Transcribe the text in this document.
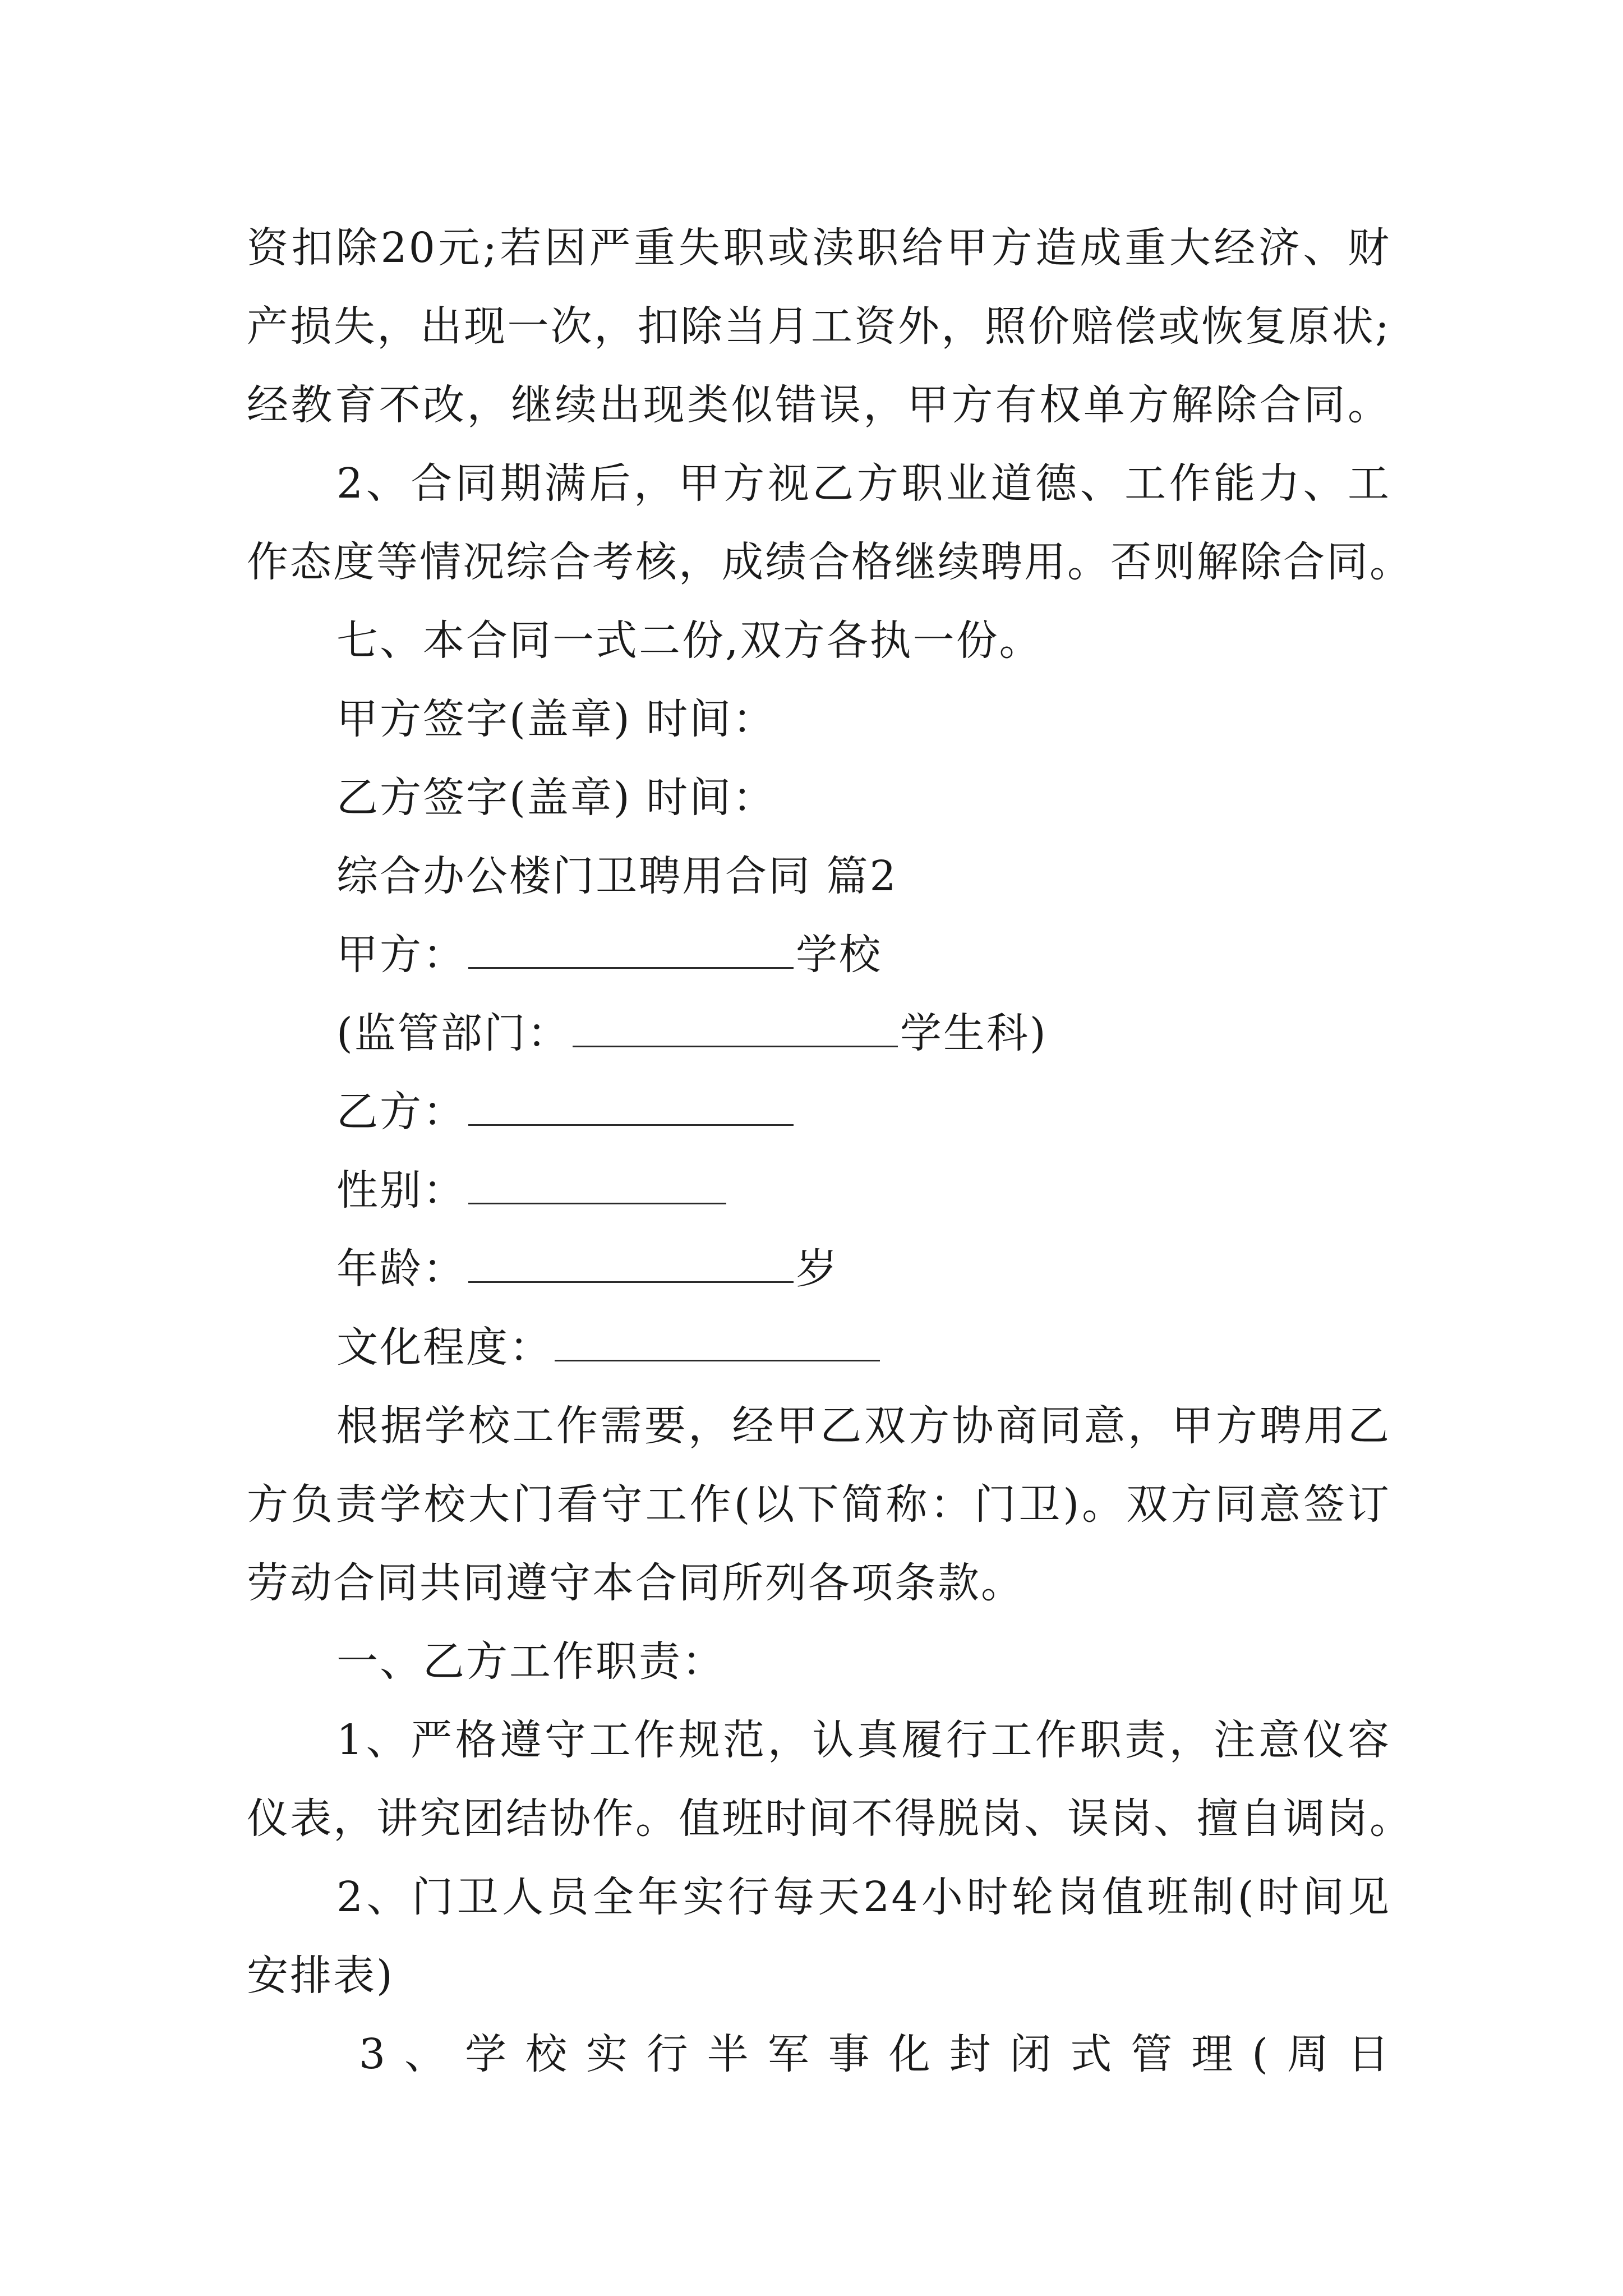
资扣除20元;若因严重失职或渎职给甲方造成重大经济、财
产损失，出现一次，扣除当月工资外，照价赔偿或恢复原状;
经教育不改，继续出现类似错误，甲方有权单方解除合同。
2、合同期满后，甲方视乙方职业道德、工作能力、工
作态度等情况综合考核，成绩合格继续聘用。否则解除合同。
七、本合同一式二份,双方各执一份。
甲方签字(盖章) 时间：
乙方签字(盖章) 时间：
综合办公楼门卫聘用合同 篇2
甲方：	学校
(监管部门：	学生科)
乙方：
性别：
年龄：	岁
文化程度：
根据学校工作需要，经甲乙双方协商同意，甲方聘用乙
方负责学校大门看守工作(以下简称：门卫)。双方同意签订
劳动合同共同遵守本合同所列各项条款。
一、乙方工作职责：
1、严格遵守工作规范，认真履行工作职责，注意仪容
仪表，讲究团结协作。值班时间不得脱岗、误岗、擅自调岗。
2、门卫人员全年实行每天24小时轮岗值班制(时间见
安排表)
3、学校实行半军事化封闭式管理(周日
